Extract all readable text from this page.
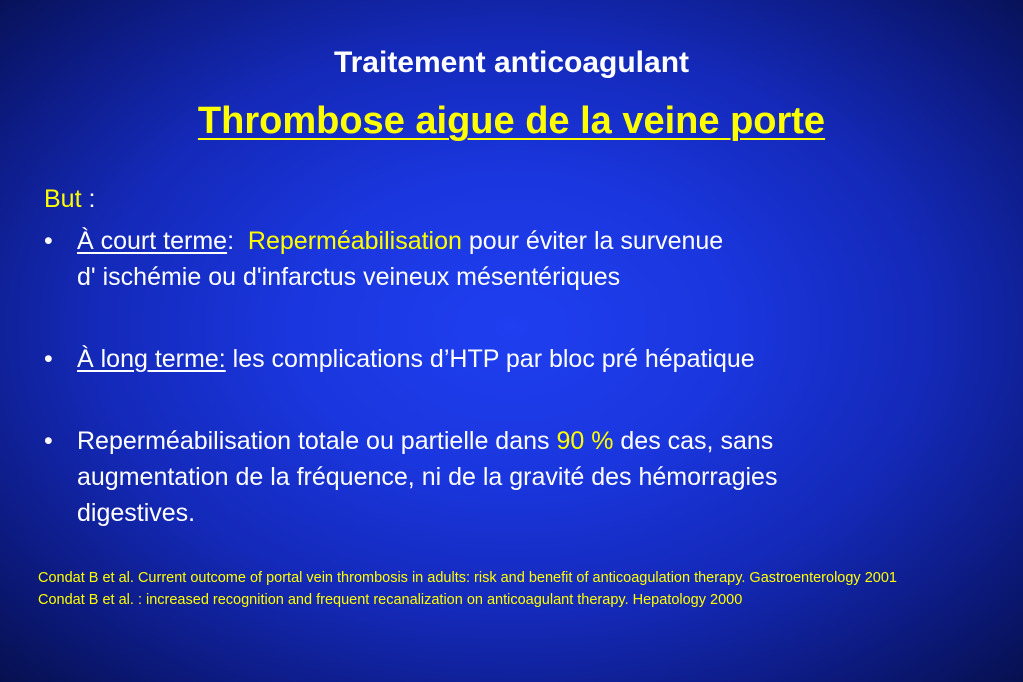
Traitement anticoagulant
Thrombose aigue de la veine porte

But :

• À court terme: Reperméabilisation pour éviter la survenue
d' ischémie ou d'infarctus veineux mésentériques
• À long terme: les complications d’HTP par bloc pré hépatique
• Reperméabilisation totale ou partielle dans 90 % des cas, sans
augmentation de la fréquence, ni de la gravité des hémorragies
digestives.

Condat B et al. Current outcome of portal vein thrombosis in adults: risk and benefit of anticoagulation therapy. Gastroenterology 2001

Condat B et al. : increased recognition and frequent recanalization on anticoagulant therapy. Hepatology 2000
